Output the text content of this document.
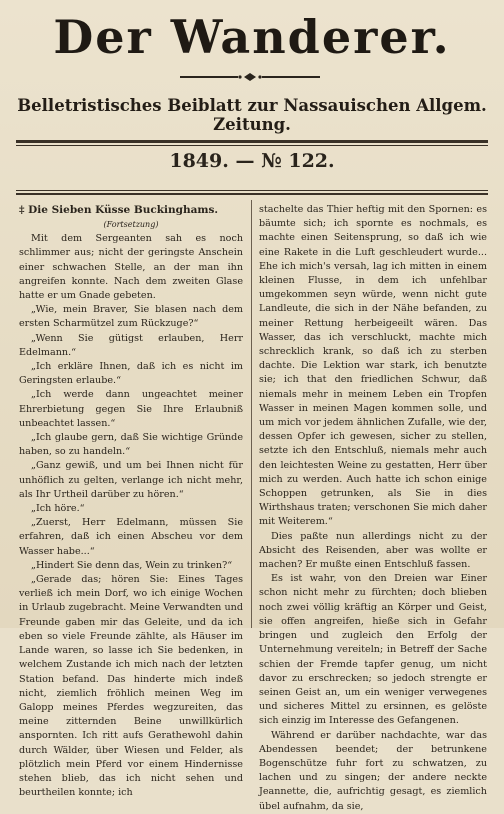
Der Wanderer.
Belletristisches Beiblatt zur Nassauischen Allgem. Zeitung.
1849. — № 122.
‡ Die Sieben Küsse Buckinghams.
(Fortsetzung)

Mit dem Sergeanten sah es noch schlimmer aus; nicht der geringste Anschein einer schwachen Stelle, an der man ihn angreifen konnte. Nach dem zweiten Glase hatte er um Gnade gebeten.

„Wie, mein Braver, Sie blasen nach dem ersten Scharmützel zum Rückzuge?“

„Wenn Sie gütigst erlauben, Herr Edelmann.“

„Ich erkläre Ihnen, daß ich es nicht im Geringsten erlaube.“

„Ich werde dann ungeachtet meiner Ehrerbietung gegen Sie Ihre Erlaubniß unbeachtet lassen.“

„Ich glaube gern, daß Sie wichtige Gründe haben, so zu handeln.“

„Ganz gewiß, und um bei Ihnen nicht für unhöflich zu gelten, verlange ich nicht mehr, als Ihr Urtheil darüber zu hören.“

„Ich höre.“

„Zuerst, Herr Edelmann, müssen Sie erfahren, daß ich einen Abscheu vor dem Wasser habe...“

„Hindert Sie denn das, Wein zu trinken?“

„Gerade das; hören Sie: Eines Tages verließ ich mein Dorf, wo ich einige Wochen in Urlaub zugebracht. Meine Verwandten und Freunde gaben mir das Geleite, und da ich eben so viele Freunde zählte, als Häuser im Lande waren, so lasse ich Sie bedenken, in welchem Zustande ich mich nach der letzten Station befand. Das hinderte mich indeß nicht, ziemlich fröhlich meinen Weg im Galopp meines Pferdes wegzureiten, das meine zitternden Beine unwillkürlich anspornten. Ich ritt aufs Gerathewohl dahin durch Wälder, über Wiesen und Felder, als plötzlich mein Pferd vor einem Hindernisse stehen blieb, das ich nicht sehen und beurtheilen konnte; ich

stachelte das Thier heftig mit den Spornen: es bäumte sich; ich spornte es nochmals, es machte einen Seitensprung, so daß ich wie eine Rakete in die Luft geschleudert wurde... Ehe ich mich's versah, lag ich mitten in einem kleinen Flusse, in dem ich unfehlbar umgekommen seyn würde, wenn nicht gute Landleute, die sich in der Nähe befanden, zu meiner Rettung herbeigeeilt wären. Das Wasser, das ich verschluckt, machte mich schrecklich krank, so daß ich zu sterben dachte. Die Lektion war stark, ich benutzte sie; ich that den friedlichen Schwur, daß niemals mehr in meinem Leben ein Tropfen Wasser in meinen Magen kommen solle, und um mich vor jedem ähnlichen Zufalle, wie der, dessen Opfer ich gewesen, sicher zu stellen, setzte ich den Entschluß, niemals mehr auch den leichtesten Weine zu gestatten, Herr über mich zu werden. Auch hatte ich schon einige Schoppen getrunken, als Sie in dies Wirthshaus traten; verschonen Sie mich daher mit Weiterem.“

Dies paßte nun allerdings nicht zu der Absicht des Reisenden, aber was wollte er machen? Er mußte einen Entschluß fassen.

Es ist wahr, von den Dreien war Einer schon nicht mehr zu fürchten; doch blieben noch zwei völlig kräftig an Körper und Geist, sie offen angreifen, hieße sich in Gefahr bringen und zugleich den Erfolg der Unternehmung vereiteln; in Betreff der Sache schien der Fremde tapfer genug, um nicht davor zu erschrecken; so jedoch strengte er seinen Geist an, um ein weniger verwegenes und sicheres Mittel zu ersinnen, es gelöste sich einzig im Interesse des Gefangenen.

Während er darüber nachdachte, war das Abendessen beendet; der betrunkene Bogenschütze fuhr fort zu schwatzen, zu lachen und zu singen; der andere neckte Jeannette, die, aufrichtig gesagt, es ziemlich übel aufnahm, da sie,
